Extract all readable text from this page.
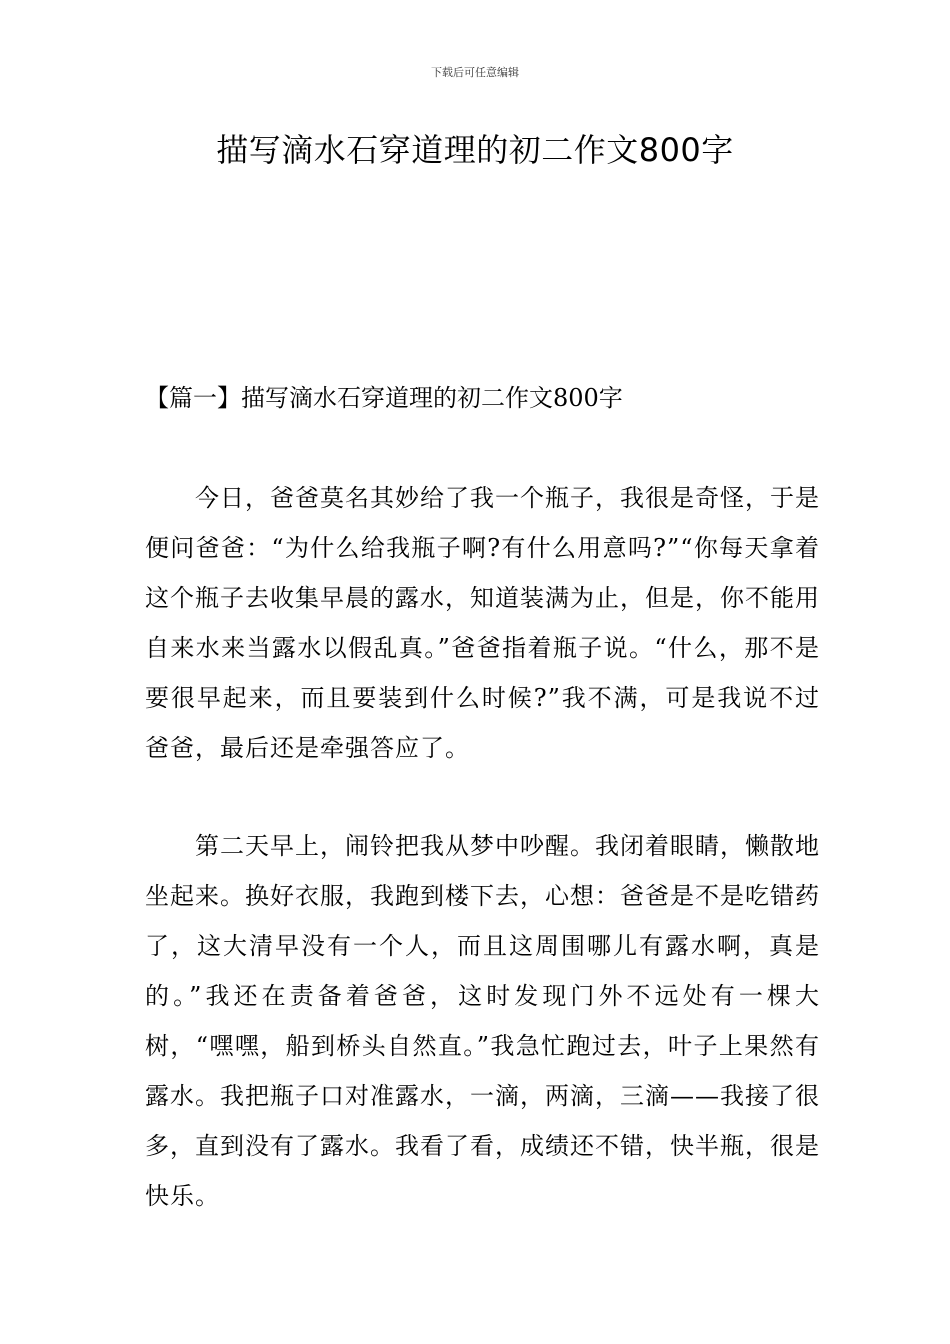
下载后可任意编辑
描写滴水石穿道理的初二作文800字
【篇一】描写滴水石穿道理的初二作文800字

今日，爸爸莫名其妙给了我一个瓶子，我很是奇怪，于是便问爸爸：“为什么给我瓶子啊?有什么用意吗?”“你每天拿着这个瓶子去收集早晨的露水，知道装满为止，但是，你不能用自来水来当露水以假乱真。”爸爸指着瓶子说。“什么，那不是要很早起来，而且要装到什么时候?”我不满，可是我说不过爸爸，最后还是牵强答应了。

第二天早上，闹铃把我从梦中吵醒。我闭着眼睛，懒散地坐起来。换好衣服，我跑到楼下去，心想：爸爸是不是吃错药了，这大清早没有一个人，而且这周围哪儿有露水啊，真是的。”我还在责备着爸爸，这时发现门外不远处有一棵大树，“嘿嘿，船到桥头自然直。”我急忙跑过去，叶子上果然有露水。我把瓶子口对准露水，一滴，两滴，三滴——我接了很多，直到没有了露水。我看了看，成绩还不错，快半瓶，很是快乐。
